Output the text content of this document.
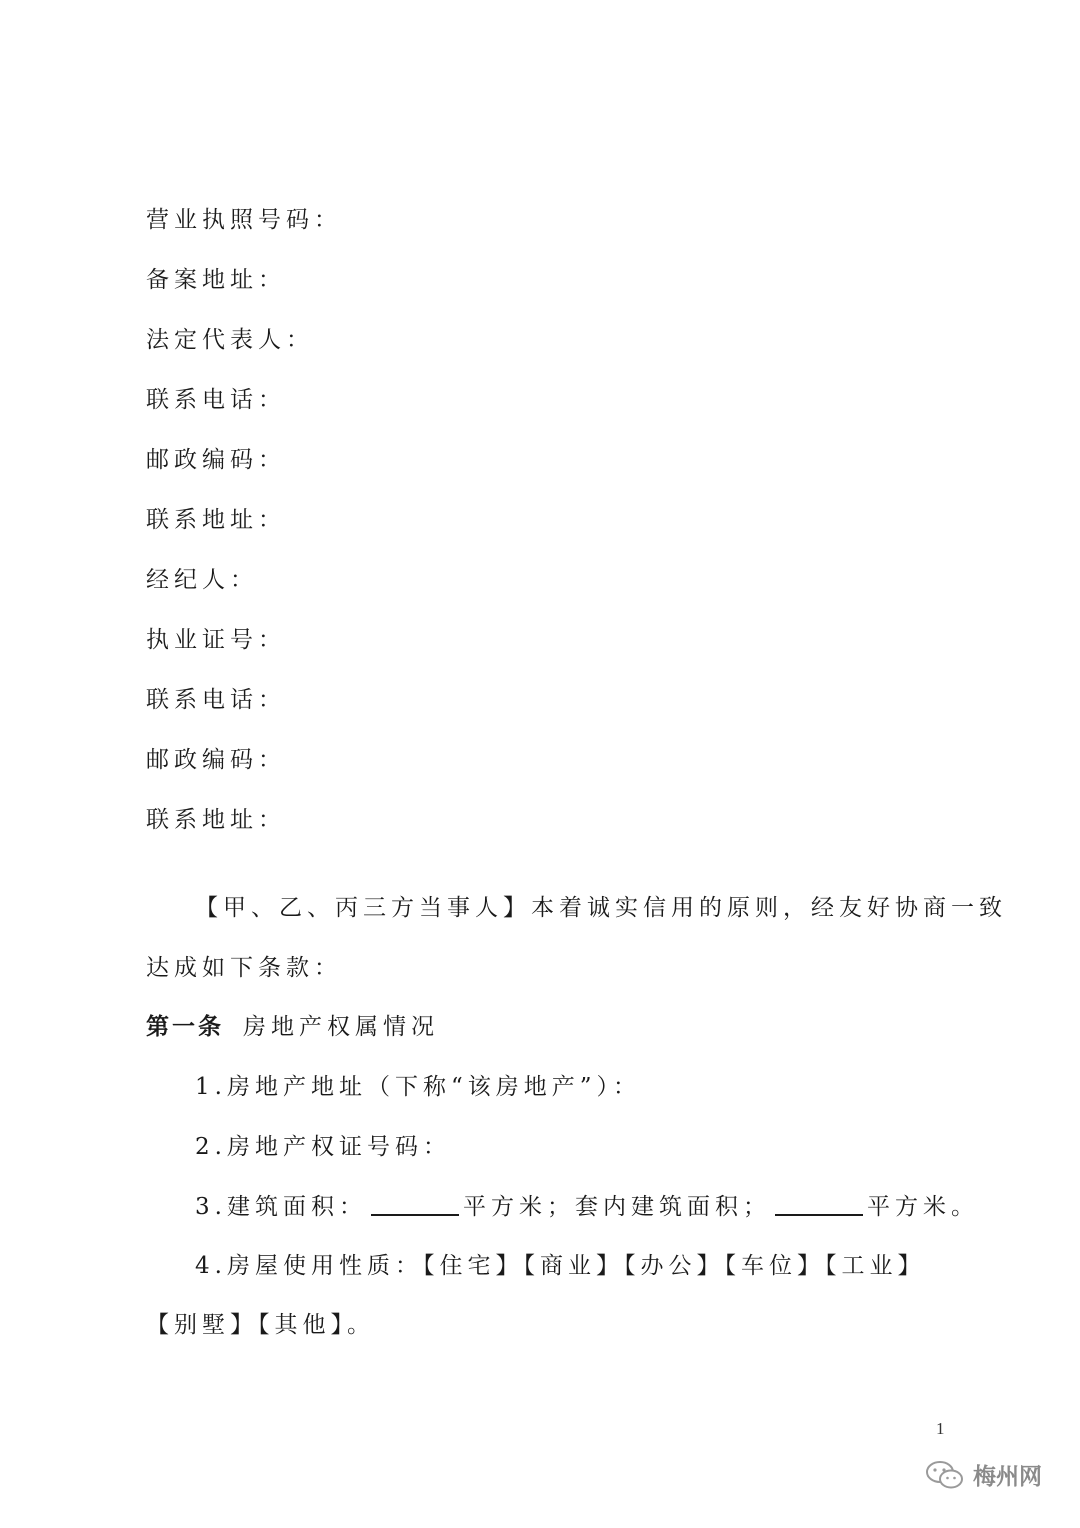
营业执照号码：
备案地址：
法定代表人：
联系电话：
邮政编码：
联系地址：
经纪人：
执业证号：
联系电话：
邮政编码：
联系地址：
【甲、乙、丙三方当事人】本着诚实信用的原则，经友好协商一致
达成如下条款：
第一条 房地产权属情况
1.房地产地址（下称“该房地产”）：
2.房地产权证号码：
3.建筑面积：	平方米；套内建筑面积；	平方米。
4.房屋使用性质：【住宅】【商业】【办公】【车位】【工业】
【别墅】【其他】。
1
梅州网
